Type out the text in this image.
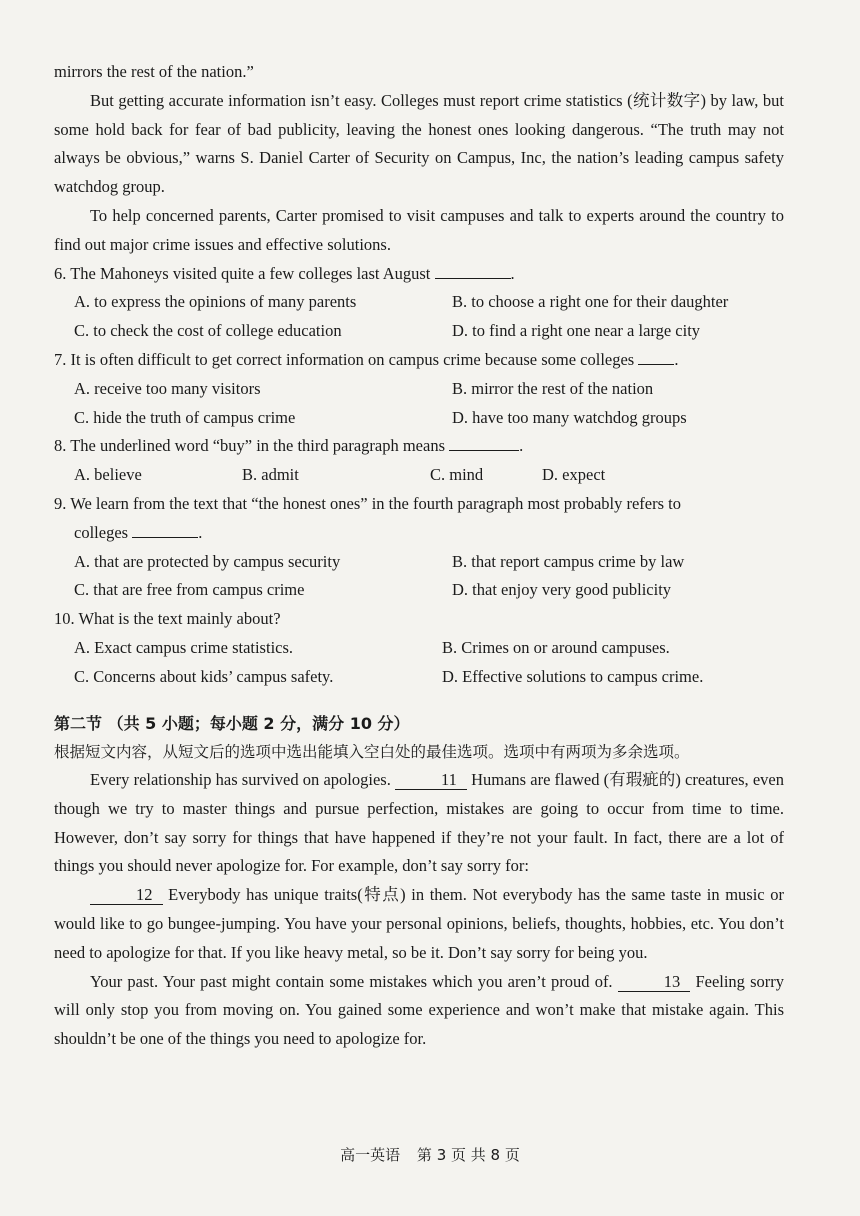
mirrors the rest of the nation.”

But getting accurate information isn’t easy. Colleges must report crime statistics (统计数字) by law, but some hold back for fear of bad publicity, leaving the honest ones looking dangerous. “The truth may not always be obvious,” warns S. Daniel Carter of Security on Campus, Inc, the nation’s leading campus safety watchdog group.

To help concerned parents, Carter promised to visit campuses and talk to experts around the country to find out major crime issues and effective solutions.

6. The Mahoneys visited quite a few colleges last August	.

A. to express the opinions of many parents	B. to choose a right one for their daughter
C. to check the cost of college education	D. to find a right one near a large city

7. It is often difficult to get correct information on campus crime because some colleges .

A. receive too many visitors	B. mirror the rest of the nation
C. hide the truth of campus crime	D. have too many watchdog groups

8. The underlined word “buy” in the third paragraph means	.

A. believe	B. admit	C. mind	D. expect

9. We learn from the text that “the honest ones” in the fourth paragraph most probably refers to

colleges	.

A. that are protected by campus security	B. that report campus crime by law
C. that are free from campus crime	D. that enjoy very good publicity

10. What is the text mainly about?

A. Exact campus crime statistics.	B. Crimes on or around campuses.
C. Concerns about kids’ campus safety.	D. Effective solutions to campus crime.
第二节 （共 5 小题；每小题 2 分，满分 10 分）

根据短文内容，从短文后的选项中选出能填入空白处的最佳选项。选项中有两项为多余选项。

Every relationship has survived on apologies.	11 Humans are flawed (有瑕疵的) creatures, even though we try to master things and pursue perfection, mistakes are going to occur from time to time. However, don’t say sorry for things that have happened if they’re not your fault. In fact, there are a lot of things you should never apologize for. For example, don’t say sorry for:

12 Everybody has unique traits(特点) in them. Not everybody has the same taste in music or would like to go bungee-jumping. You have your personal opinions, beliefs, thoughts, hobbies, etc. You don’t need to apologize for that. If you like heavy metal, so be it. Don’t say sorry for being you.

Your past. Your past might contain some mistakes which you aren’t proud of.	13 Feeling sorry will only stop you from moving on. You gained some experience and won’t make that mistake again. This shouldn’t be one of the things you need to apologize for.

高一英语 第 3 页 共 8 页
